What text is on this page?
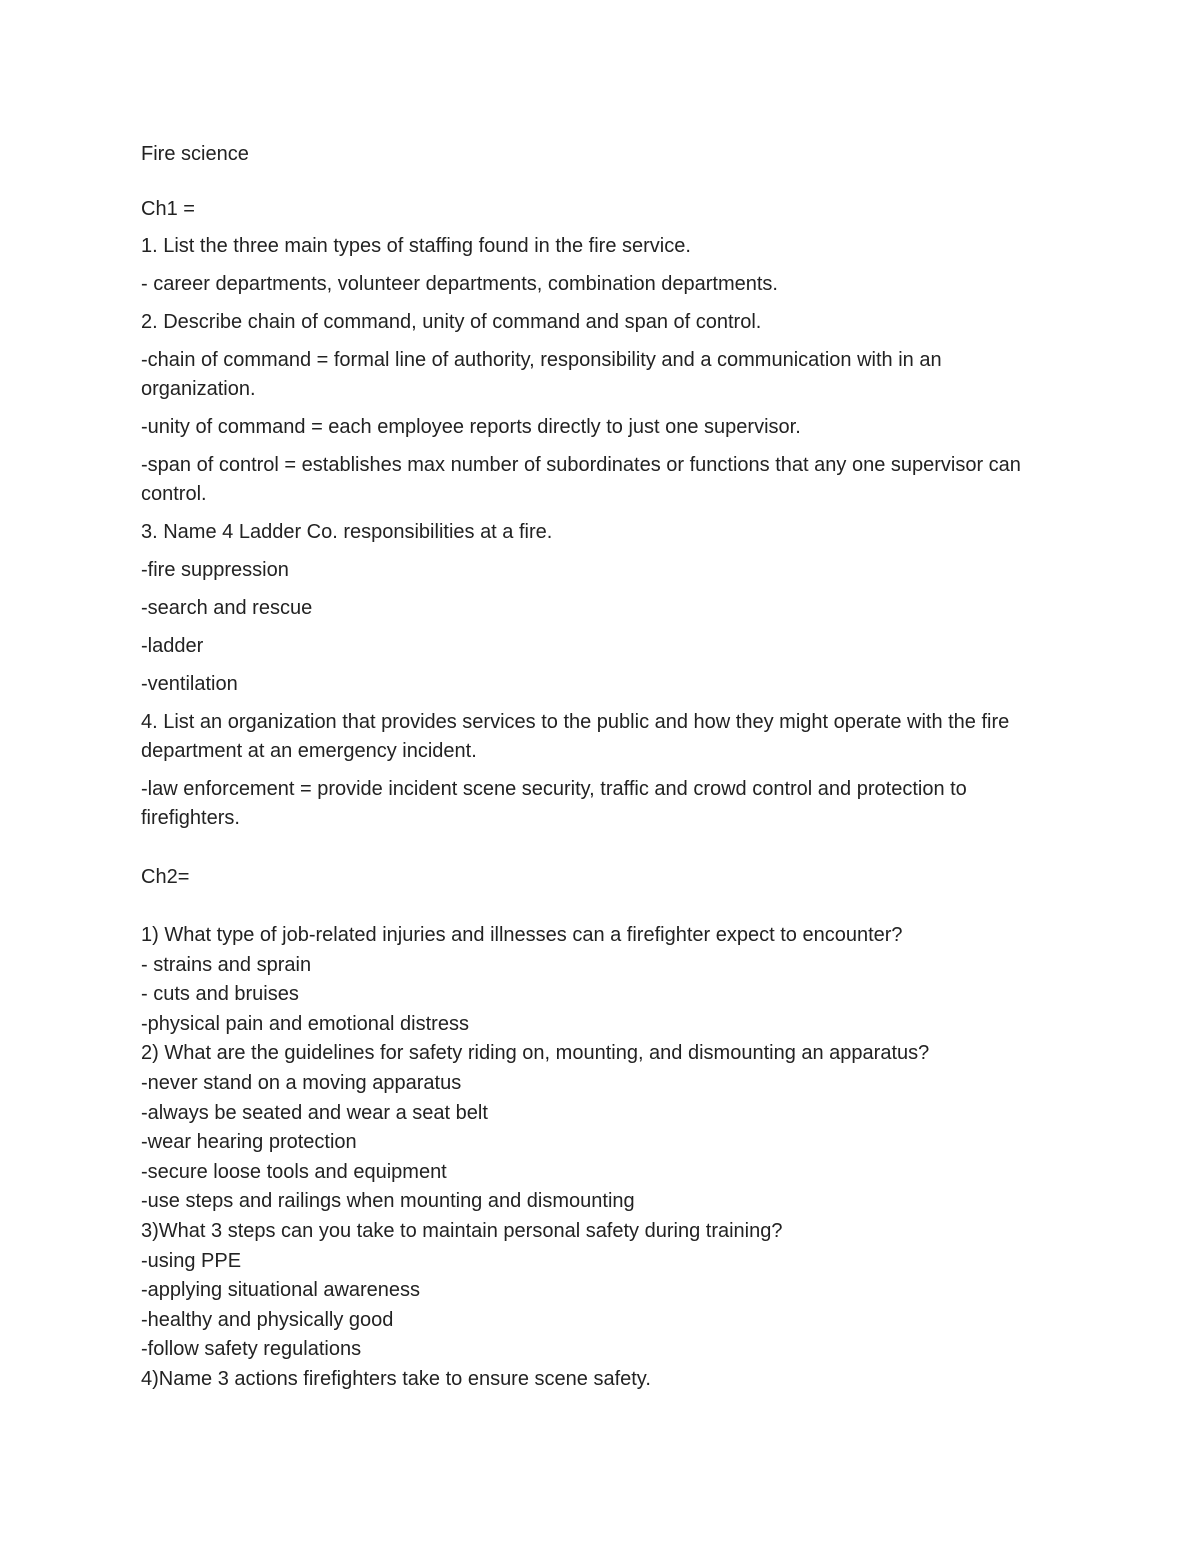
Fire science

Ch1 =

1. List the three main types of staffing found in the fire service.

- career departments, volunteer departments, combination departments.

2. Describe chain of command, unity of command and span of control.

-chain of command = formal line of authority, responsibility and a communication with in an organization.

-unity of command = each employee reports directly to just one supervisor.

-span of control = establishes max number of subordinates or functions that any one supervisor can control.

3. Name 4 Ladder Co. responsibilities at a fire.

-fire suppression

-search and rescue

-ladder

-ventilation

4. List an organization that provides services to the public and how they might operate with the fire department at an emergency incident.

-law enforcement = provide incident scene security, traffic and crowd control and protection to firefighters.

Ch2=

1) What type of job-related injuries and illnesses can a firefighter expect to encounter?

- strains and sprain

- cuts and bruises

-physical pain and emotional distress

2) What are the guidelines for safety riding on, mounting, and dismounting an apparatus?

-never stand on a moving apparatus

-always be seated and wear a seat belt

-wear hearing protection

-secure loose tools and equipment

-use steps and railings when mounting and dismounting

3)What 3 steps can you take to maintain personal safety during training?

-using PPE

-applying situational awareness

-healthy and physically good

-follow safety regulations

4)Name 3 actions firefighters take to ensure scene safety.
